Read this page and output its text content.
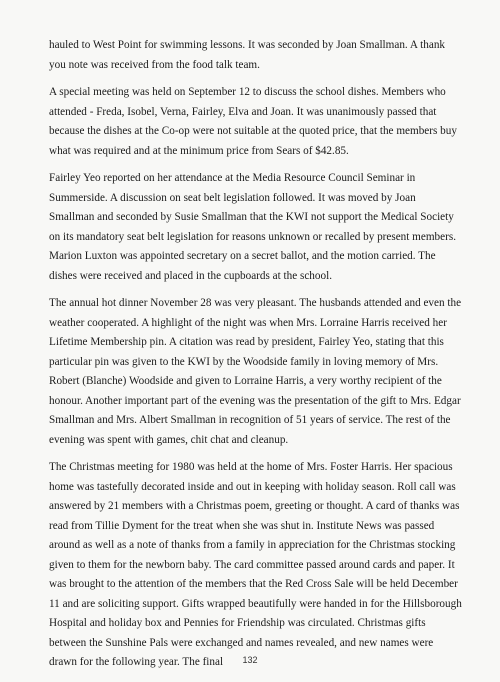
hauled to West Point for swimming lessons. It was seconded by Joan Smallman. A thank you note was received from the food talk team.

A special meeting was held on September 12 to discuss the school dishes. Members who attended - Freda, Isobel, Verna, Fairley, Elva and Joan. It was unanimously passed that because the dishes at the Co-op were not suitable at the quoted price, that the members buy what was required and at the minimum price from Sears of $42.85.

Fairley Yeo reported on her attendance at the Media Resource Council Seminar in Summerside. A discussion on seat belt legislation followed. It was moved by Joan Smallman and seconded by Susie Smallman that the KWI not support the Medical Society on its mandatory seat belt legislation for reasons unknown or recalled by present members. Marion Luxton was appointed secretary on a secret ballot, and the motion carried. The dishes were received and placed in the cupboards at the school.

The annual hot dinner November 28 was very pleasant. The husbands attended and even the weather cooperated. A highlight of the night was when Mrs. Lorraine Harris received her Lifetime Membership pin. A citation was read by president, Fairley Yeo, stating that this particular pin was given to the KWI by the Woodside family in loving memory of Mrs. Robert (Blanche) Woodside and given to Lorraine Harris, a very worthy recipient of the honour. Another important part of the evening was the presentation of the gift to Mrs. Edgar Smallman and Mrs. Albert Smallman in recognition of 51 years of service. The rest of the evening was spent with games, chit chat and cleanup.

The Christmas meeting for 1980 was held at the home of Mrs. Foster Harris. Her spacious home was tastefully decorated inside and out in keeping with holiday season. Roll call was answered by 21 members with a Christmas poem, greeting or thought. A card of thanks was read from Tillie Dyment for the treat when she was shut in. Institute News was passed around as well as a note of thanks from a family in appreciation for the Christmas stocking given to them for the newborn baby. The card committee passed around cards and paper. It was brought to the attention of the members that the Red Cross Sale will be held December 11 and are soliciting support. Gifts wrapped beautifully were handed in for the Hillsborough Hospital and holiday box and Pennies for Friendship was circulated. Christmas gifts between the Sunshine Pals were exchanged and names revealed, and new names were drawn for the following year. The final	132
